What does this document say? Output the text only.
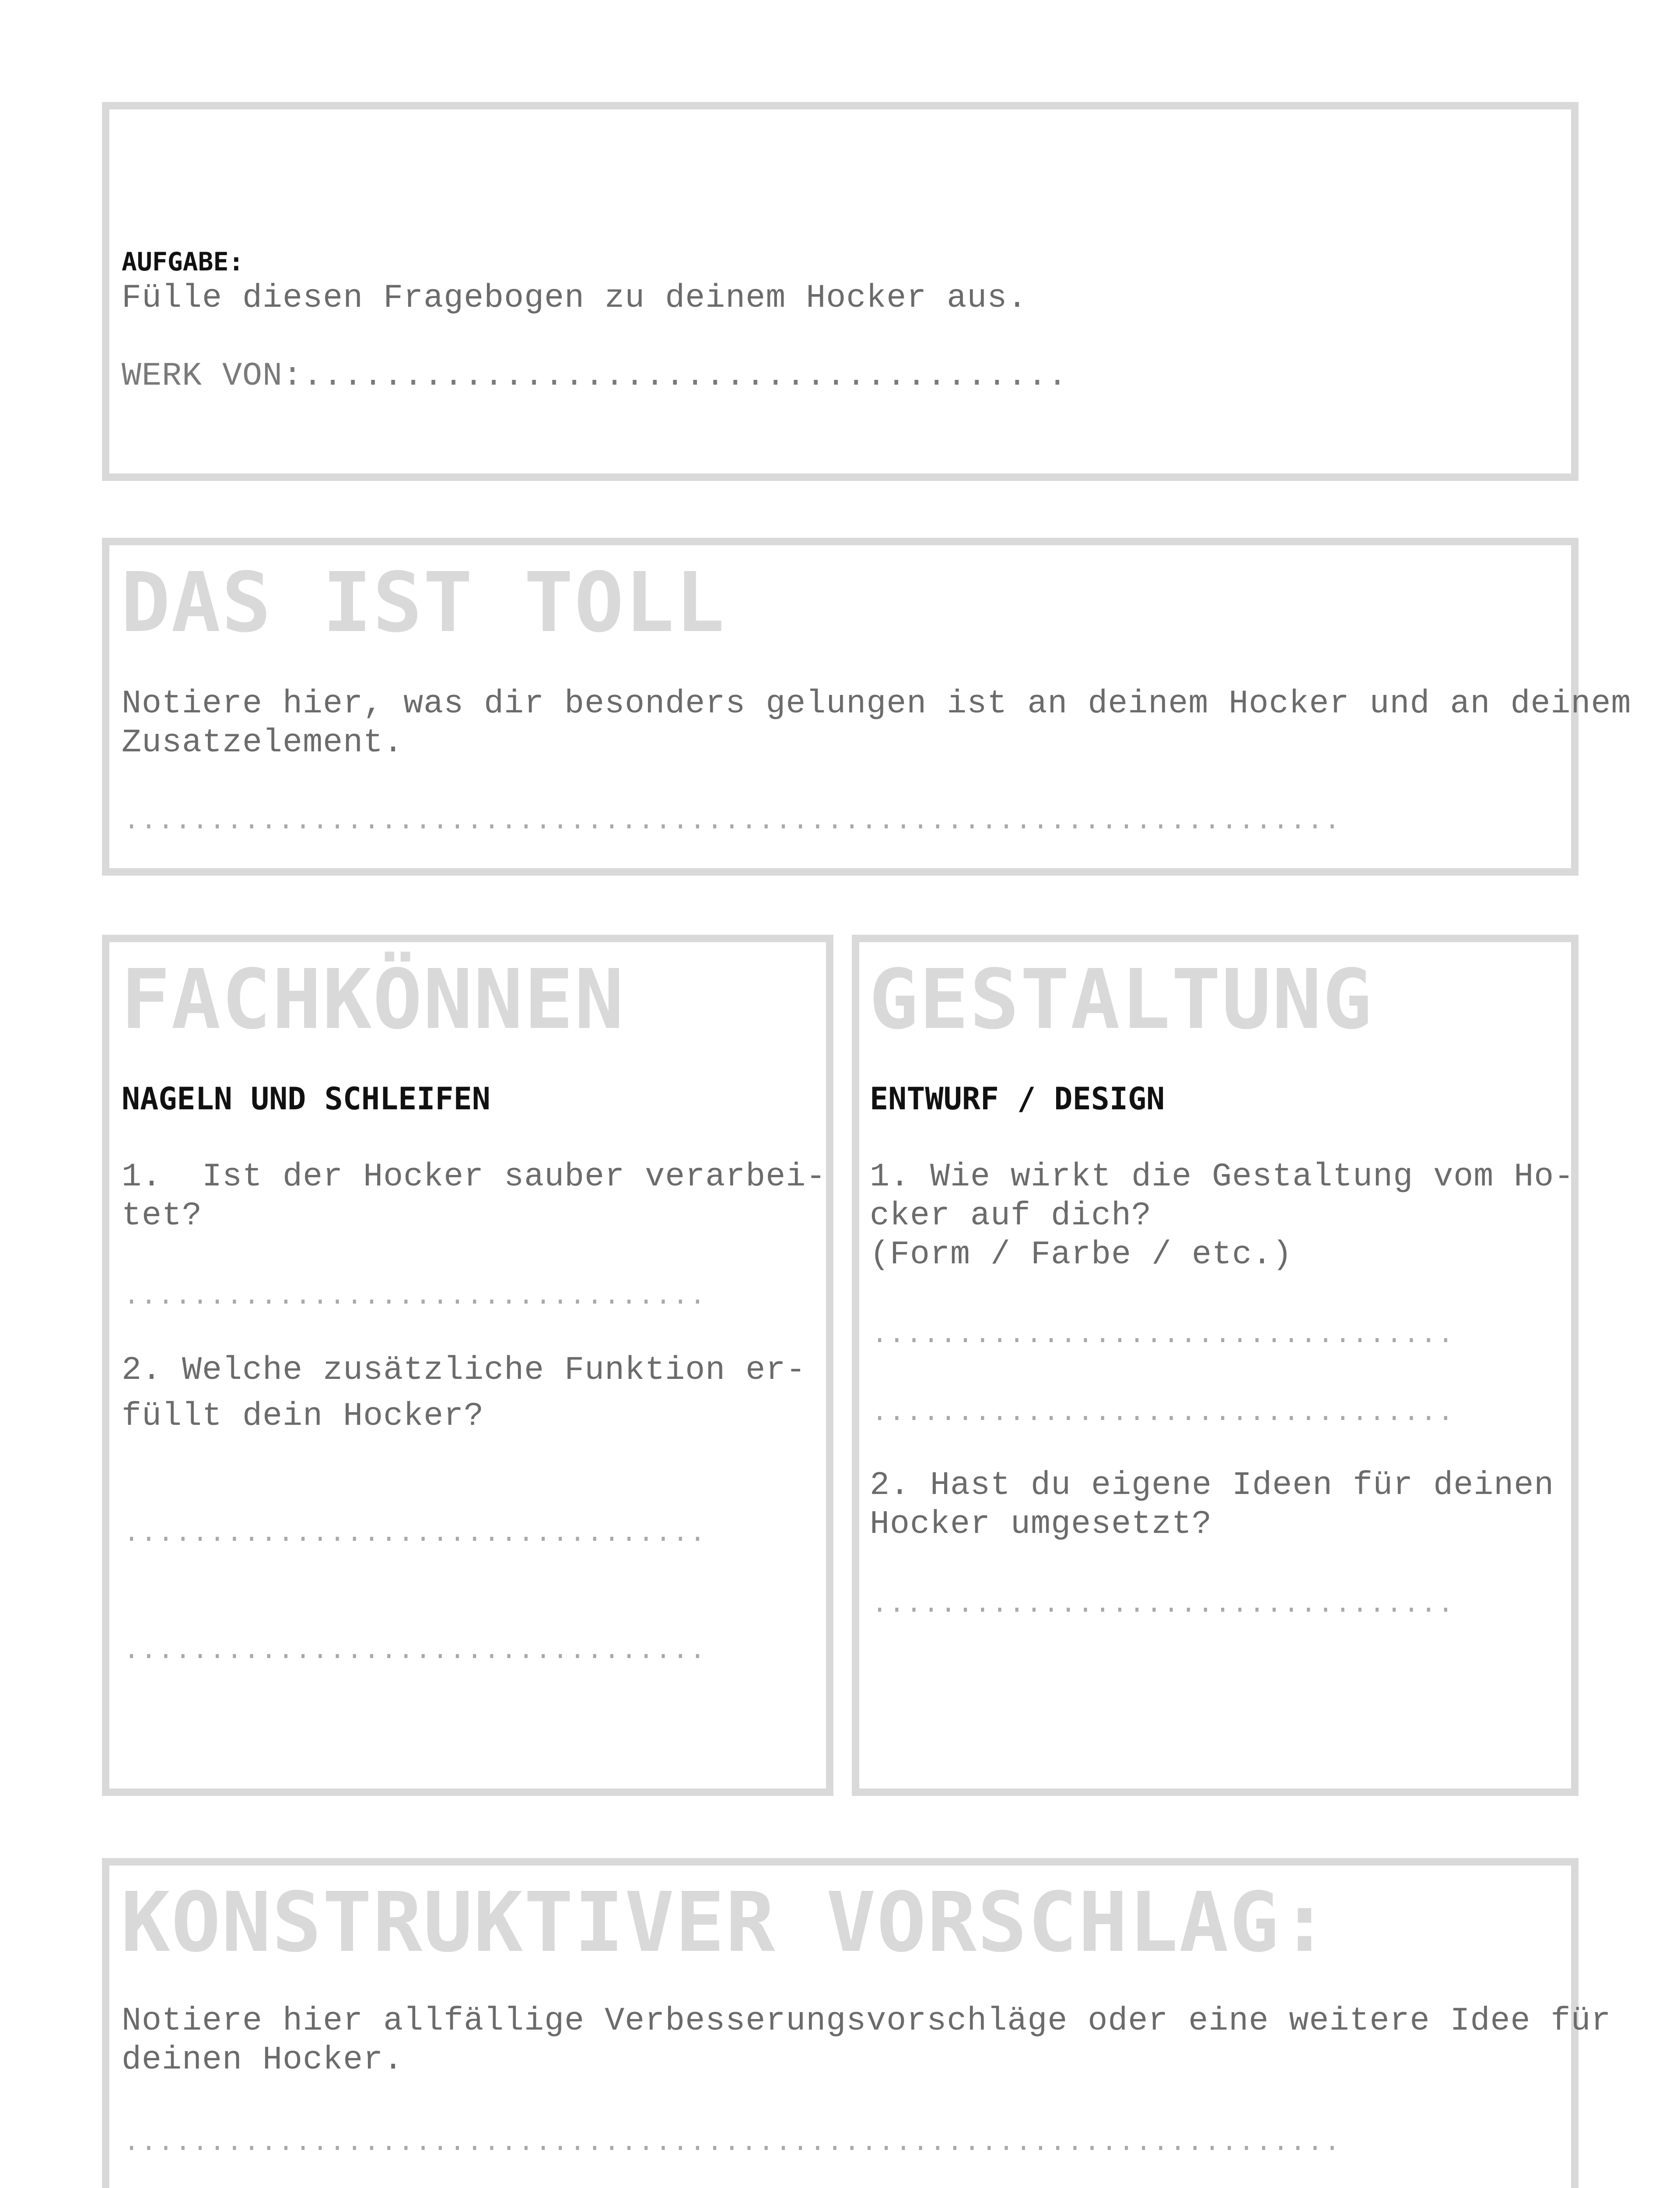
AUFGABE:
Fülle diesen Fragebogen zu deinem Hocker aus.
WERK VON:......................................
DAS IST TOLL
Notiere hier, was dir besonders gelungen ist an deinem Hocker und an deinem
Zusatzelement.
.......................................................................
FACHKÖNNEN
NAGELN UND SCHLEIFEN
1.  Ist der Hocker sauber verarbei-
tet?
..................................
2. Welche zusätzliche Funktion er-
füllt dein Hocker?
..................................
..................................
GESTALTUNG
ENTWURF / DESIGN
1. Wie wirkt die Gestaltung vom Ho-
cker auf dich?
(Form / Farbe / etc.)
..................................
..................................
2. Hast du eigene Ideen für deinen
Hocker umgesetzt?
..................................
KONSTRUKTIVER VORSCHLAG:
Notiere hier allfällige Verbesserungsvorschläge oder eine weitere Idee für
deinen Hocker.
.......................................................................
